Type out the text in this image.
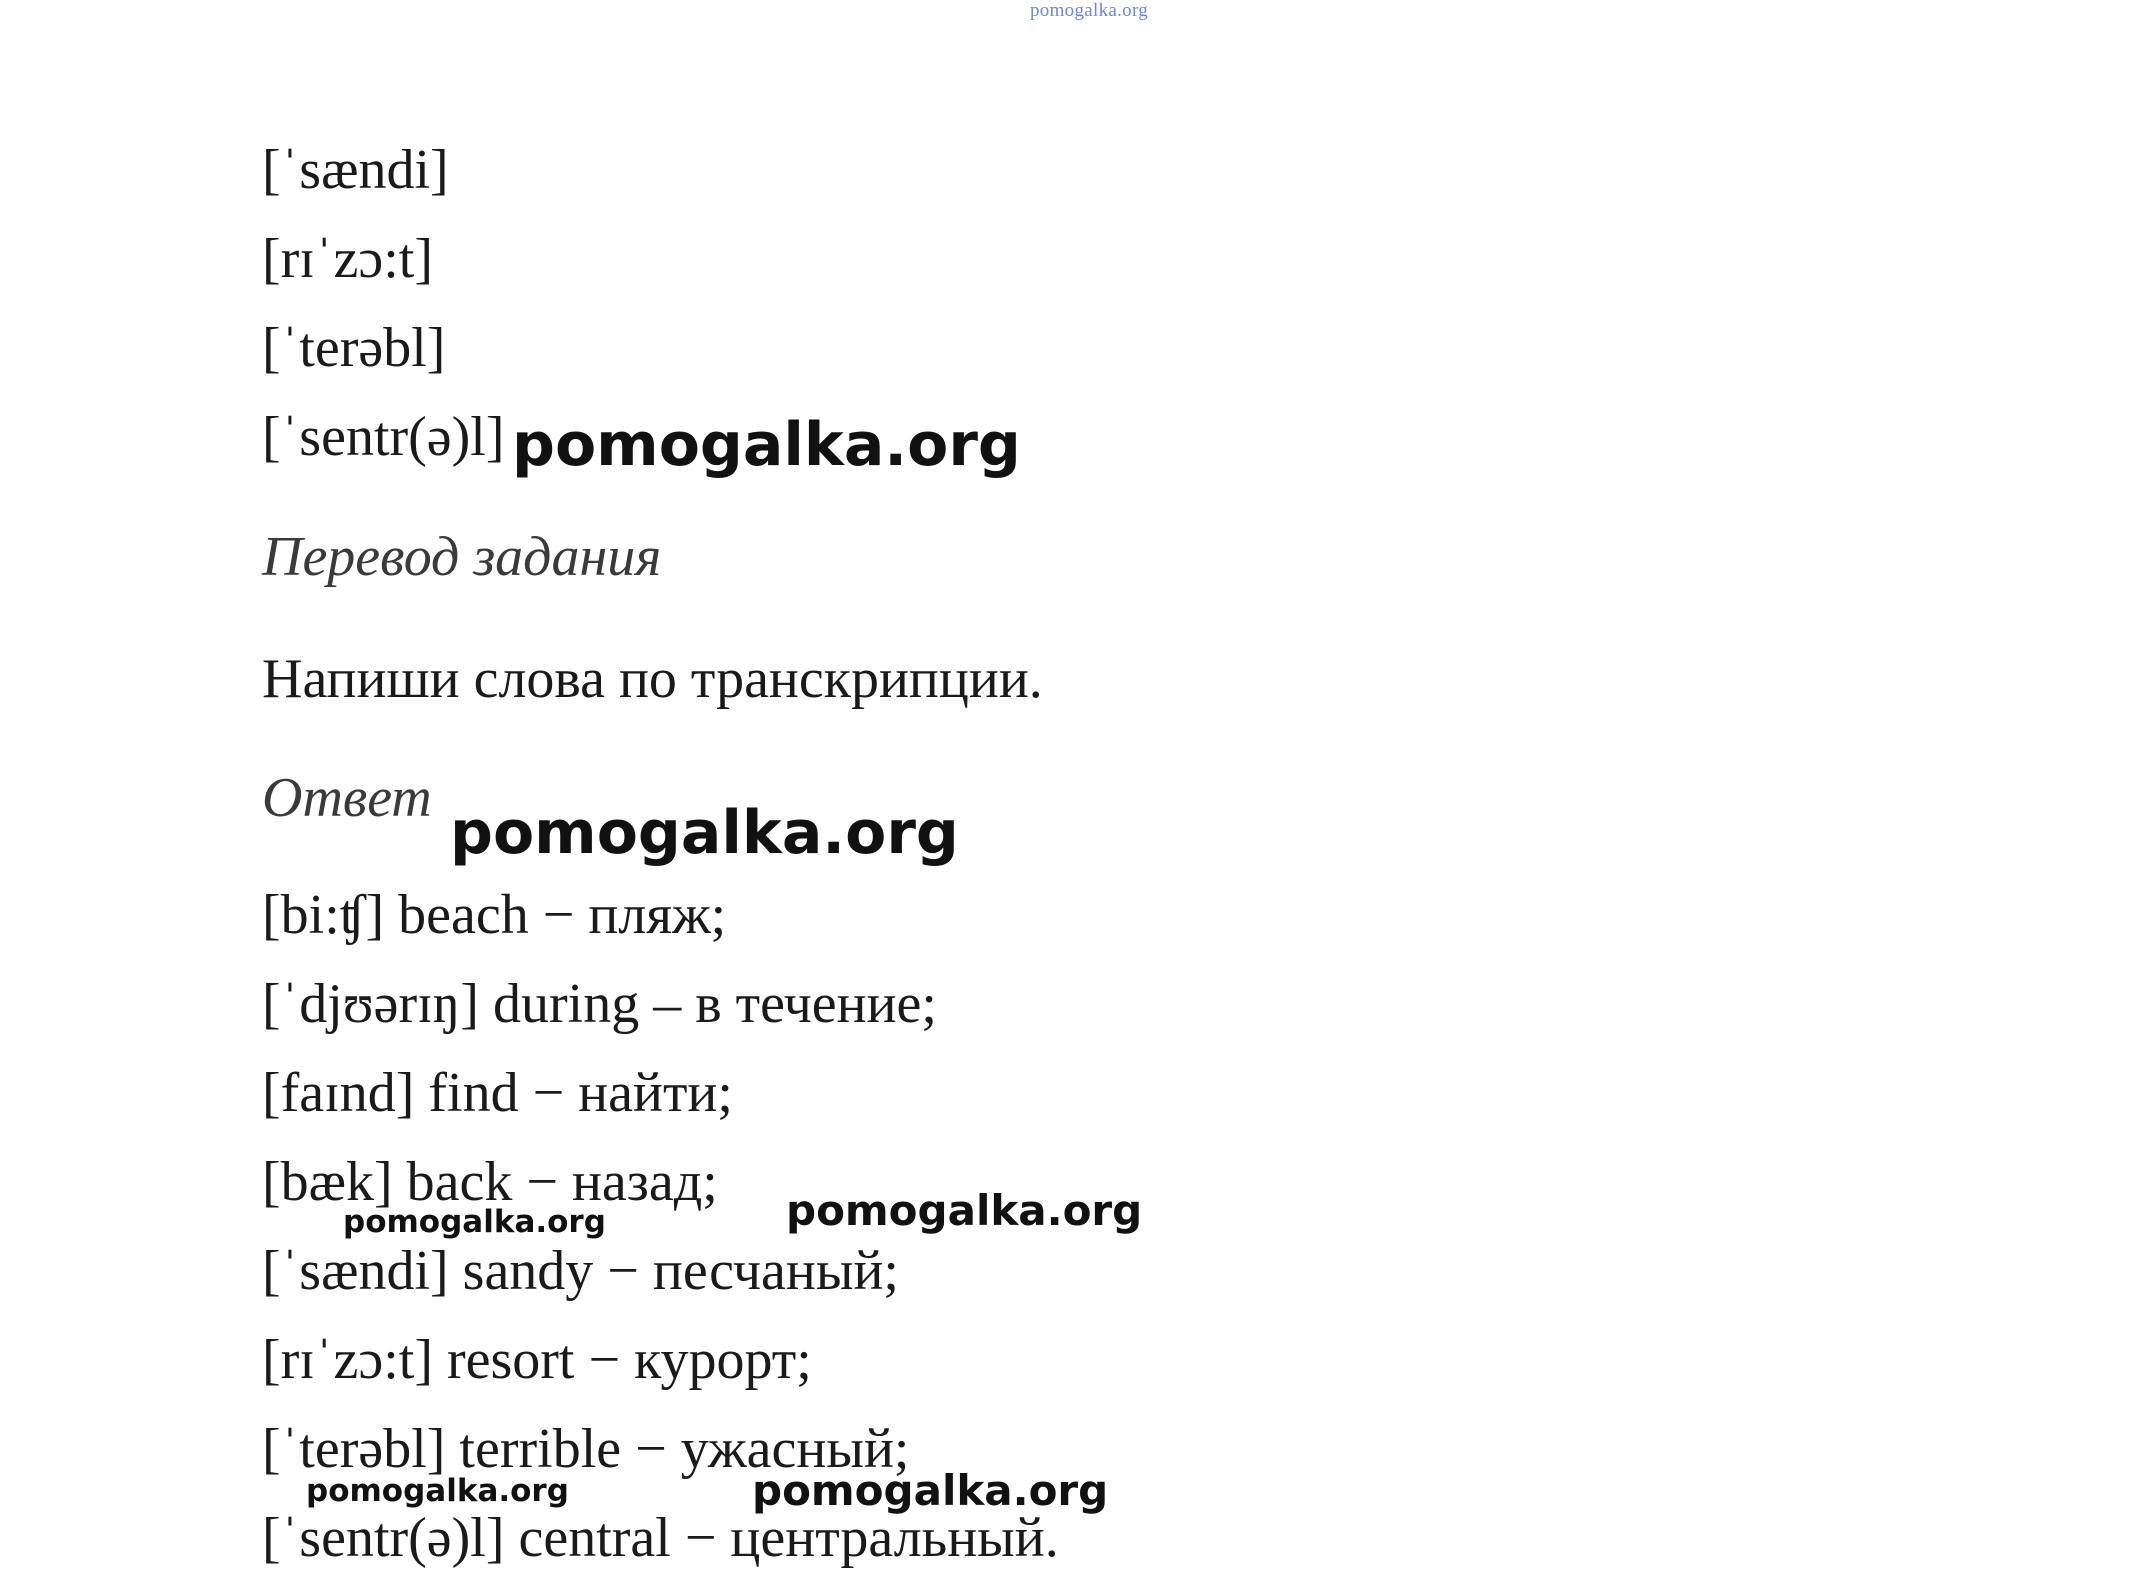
pomogalka.org
[ˈsændi]
[rɪˈzɔ:t]
[ˈterəbl]
[ˈsentr(ə)l] pomogalka.org
Перевод задания
Напиши слова по транскрипции.
Ответ pomogalka.org
[bi:ʧ] beach − пляж;
[ˈdjʊərɪŋ] during – в течение;
[faɪnd] find − найти;
[bæk] back − назад;
pomogalka.org	pomogalka.org
[ˈsændi] sandy − песчаный;
[rɪˈzɔ:t] resort − курорт;
[ˈterəbl] terrible − ужасный;
pomogalka.org	pomogalka.org
[ˈsentr(ə)l] central − центральный.
